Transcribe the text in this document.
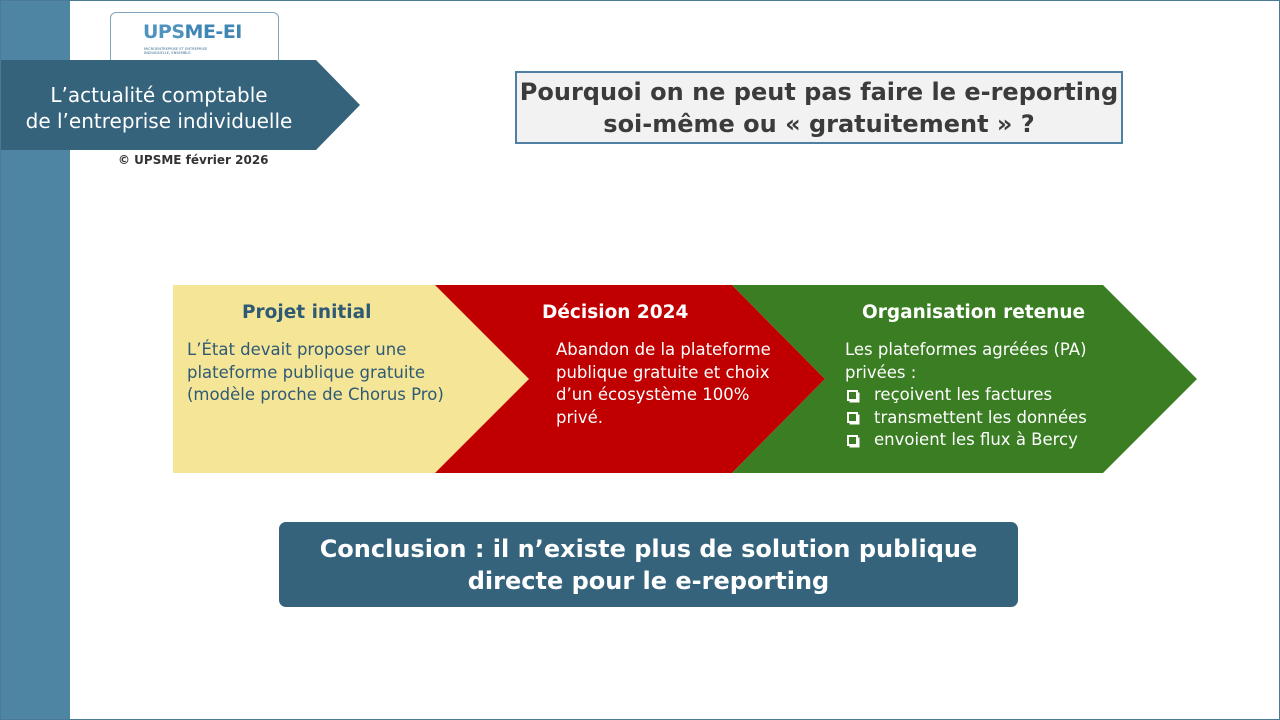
UPSME-EI
MICROENTREPRISE ET ENTREPRISE INDIVIDUELLE, ENSEMBLE
L’actualité comptable
de l’entreprise individuelle
© UPSME février 2026
Pourquoi on ne peut pas faire le e-reporting
soi-même ou « gratuitement » ?
Projet initial
L’État devait proposer une plateforme publique gratuite (modèle proche de Chorus Pro)
Décision 2024
Abandon de la plateforme publique gratuite et choix d’un écosystème 100% privé.
Organisation retenue
Les plateformes agréées (PA) privées :
reçoivent les factures
transmettent les données
envoient les flux à Bercy
Conclusion : il n’existe plus de solution publique
directe pour le e-reporting
